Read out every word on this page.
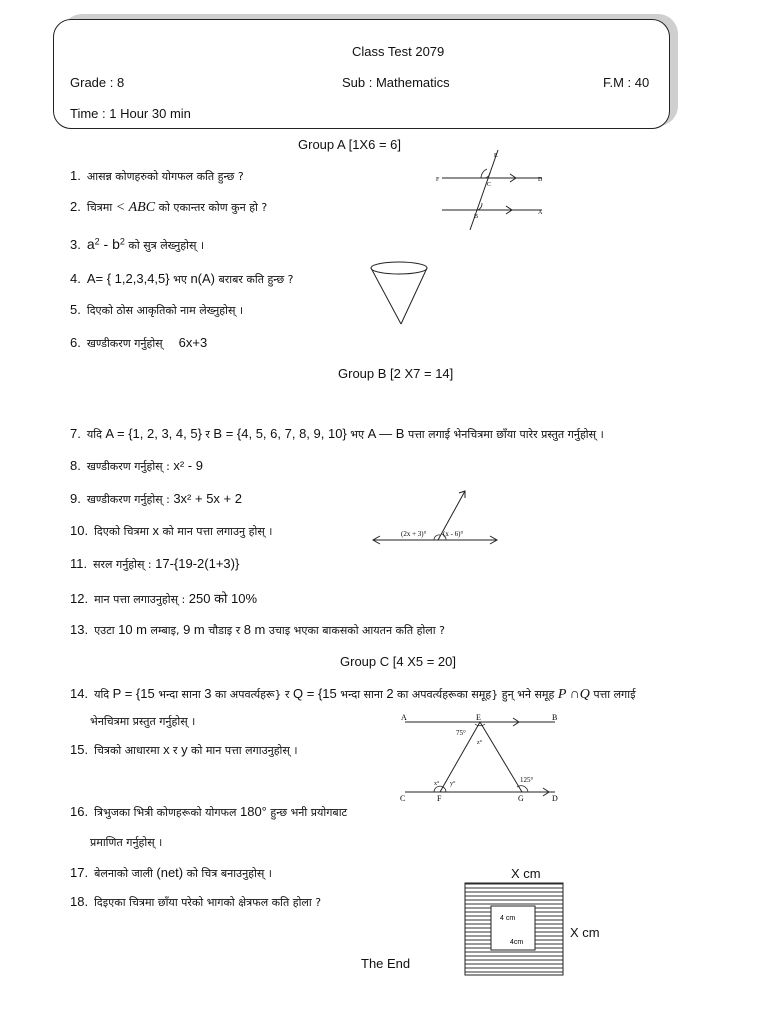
Class Test 2079
Grade : 8	Sub : Mathematics	F.M : 40
Time : 1 Hour 30 min
Group A [1X6 = 6]
1. आसन्न कोणहरुको योगफल कति हुन्छ ?
2. चित्रमा < ABC को एकान्तर कोण कुन हो ?
3. $a^2 - b^2$ को सुत्र लेख्नुहोस् ।
4. A= { 1,2,3,4,5} भए n(A) बराबर कति हुन्छ ?
5. दिएको ठोस आकृतिको नाम लेख्नुहोस् ।
6. खण्डीकरण गर्नुहोस् 6x+3
E
F
C
D
B
A
Group B [2 X7 = 14]
7. यदि A = {1, 2, 3, 4, 5} र B = {4, 5, 6, 7, 8, 9, 10} भए A — B पत्ता लगाई भेनचित्रमा छाँया पारेर प्रस्तुत गर्नुहोस् ।
8. खण्डीकरण गर्नुहोस् : x² - 9
9. खण्डीकरण गर्नुहोस् : 3x² + 5x + 2
10. दिएको चित्रमा x को मान पत्ता लगाउनु होस् ।	(2x + 3)° (x - 6)°
11. सरल गर्नुहोस् : 17-{19-2(1+3)}
12. मान पत्ता लगाउनुहोस् : 250 को 10%
13. एउटा 10 m लम्बाइ, 9 m चौडाइ र 8 m उचाइ भएका बाकसको आयतन कति होला ?
Group C [4 X5 = 20]
14. यदि P = {15 भन्दा साना 3 का अपवर्त्यहरू} र Q = {15 भन्दा साना 2 का अपवर्त्यहरूका समूह} हुन् भने समूह P ∩Q पत्ता लगाई
भेनचित्रमा प्रस्तुत गर्नुहोस् ।
15. चित्रको आधारमा x र y को मान पत्ता लगाउनुहोस् ।
A	E	B
75°
z°
x° y°	125°
C	F	G	D
16. त्रिभुजका भित्री कोणहरूको योगफल 180° हुन्छ भनी प्रयोगबाट
प्रमाणित गर्नुहोस् ।
17. बेलनाको जाली (net) को चित्र बनाउनुहोस् ।
18. दिइएका चित्रमा छाँया परेको भागको क्षेत्रफल कति होला ?
X cm
X cm
4 cm
4cm
The End
